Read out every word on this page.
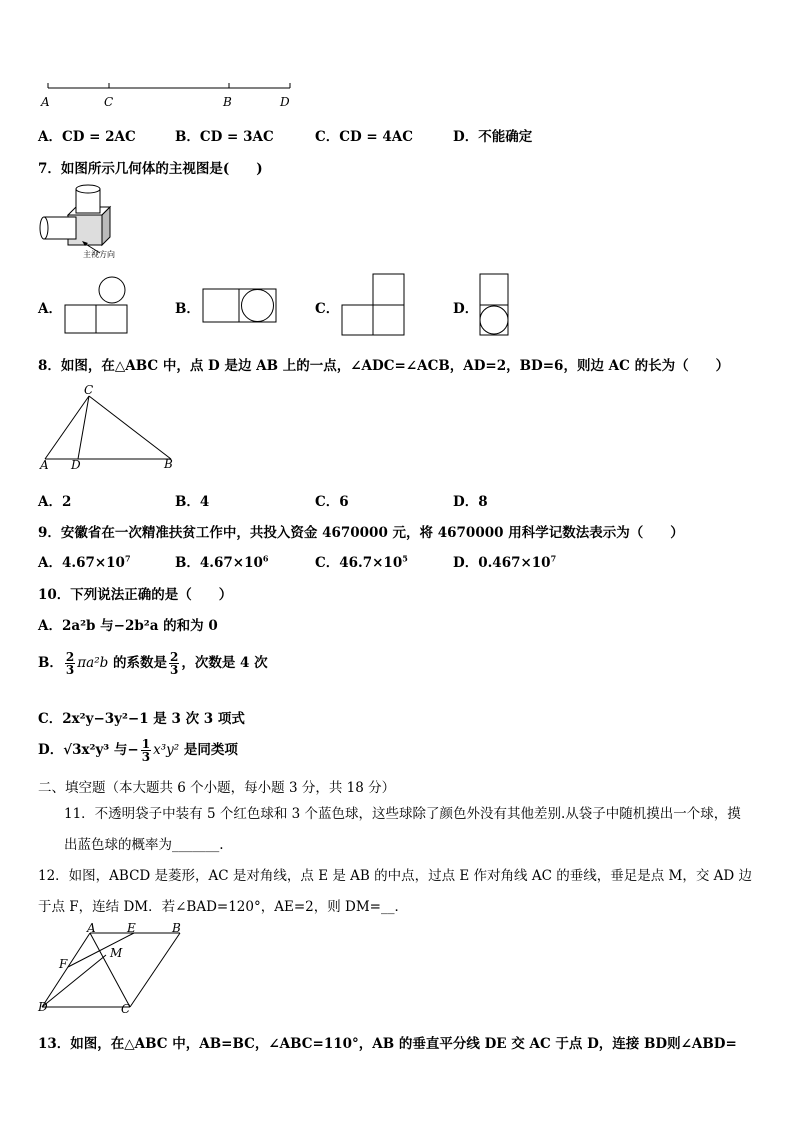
A	C	B	D
A．CD = 2AC	B．CD = 3AC	C．CD = 4AC	D．不能确定
7．如图所示几何体的主视图是(　　)
主视方向
A．	B．	C．	D．
8．如图，在△ABC 中，点 D 是边 AB 上的一点，∠ADC=∠ACB，AD=2，BD=6，则边 AC 的长为（　　）
C
A D	B
A．2	B．4	C．6	D．8
9．安徽省在一次精准扶贫工作中，共投入资金 4670000 元，将 4670000 用科学记数法表示为（　　）
A．$4.67\times 10^7$	B．$4.67\times 10^6$	C．$46.7\times 10^5$	D．$0.467\times 10^7$
10．下列说法正确的是（　　）
A．2a²b 与−2b²a 的和为 0
B． $\frac{2}{3} \pi a^2b$ 的系数是 $\frac{2}{3}$ ，次数是 4 次
C．2x²y−3y²−1 是 3 次 3 项式
D．√3x²y³ 与− $\frac{1}{3} x^3y^2$ 是同类项
二、填空题（本大题共 6 个小题，每小题 3 分，共 18 分）
11．不透明袋子中装有 5 个红色球和 3 个蓝色球，这些球除了颜色外没有其他差别.从袋子中随机摸出一个球，摸
出蓝色球的概率为_______.
12．如图，ABCD 是菱形，AC 是对角线，点 E 是 AB 的中点，过点 E 作对角线 AC 的垂线，垂足是点 M，交 AD 边
于点 F，连结 DM．若∠BAD=120°，AE=2，则 DM=__．
A	E	B
F
M
D	C
13．如图，在△ABC 中，AB=BC，∠ABC=110°，AB 的垂直平分线 DE 交 AC 于点 D，连接 BD则∠ABD=
